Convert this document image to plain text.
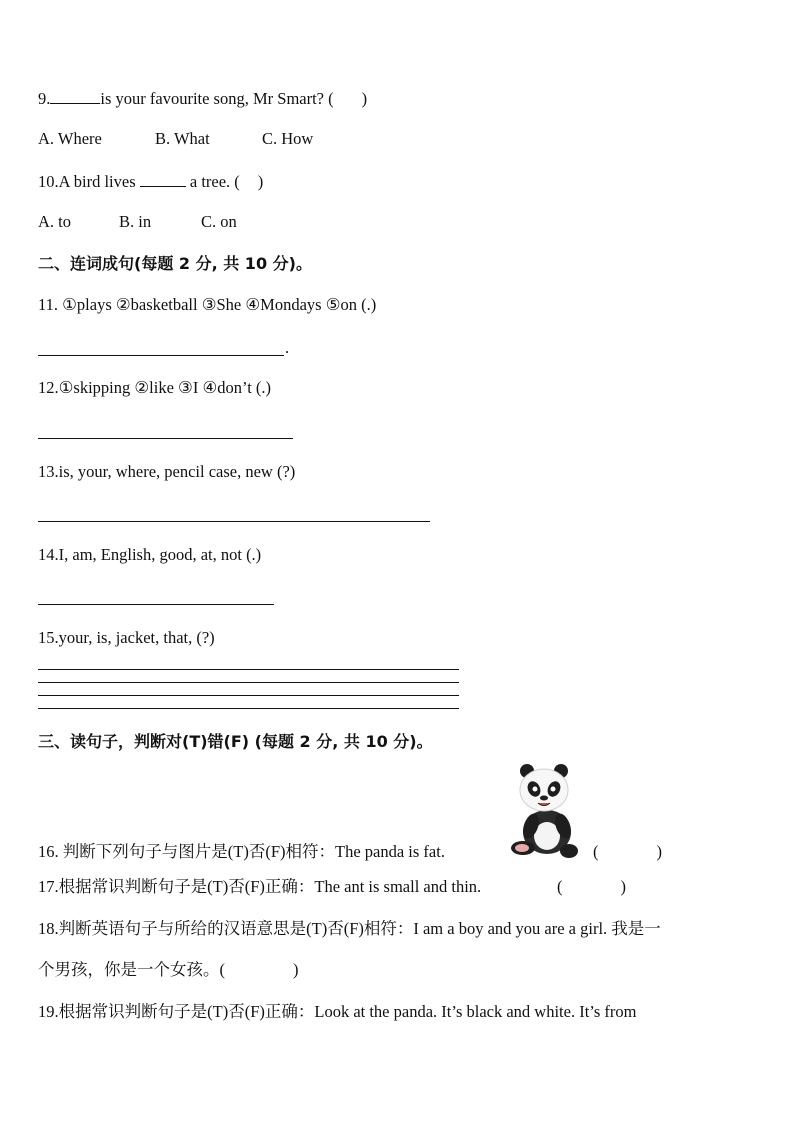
9.	is your favourite song, Mr Smart? ( )
A. Where	B. What	C. How
10.A bird lives	a tree. ( )
A. to	B. in	C. on
二、连词成句(每题 2 分, 共 10 分)。
11. ①plays ②basketball ③She ④Mondays ⑤on (.)
.
12.①skipping ②like ③I ④don’t (.)
13.is, your, where, pencil case, new (?)
14.I, am, English, good, at, not (.)
15.your, is, jacket, that, (?)
三、读句子，判断对(T)错(F) (每题 2 分, 共 10 分)。
16. 判断下列句子与图片是(T)否(F)相符：The panda is fat.	(	)
17.根据常识判断句子是(T)否(F)正确：The ant is small and thin.	(	)
18.判断英语句子与所给的汉语意思是(T)否(F)相符：I am a boy and you are a girl. 我是一
个男孩，你是一个女孩。(	)
19.根据常识判断句子是(T)否(F)正确：Look at the panda. It’s black and white. It’s from
